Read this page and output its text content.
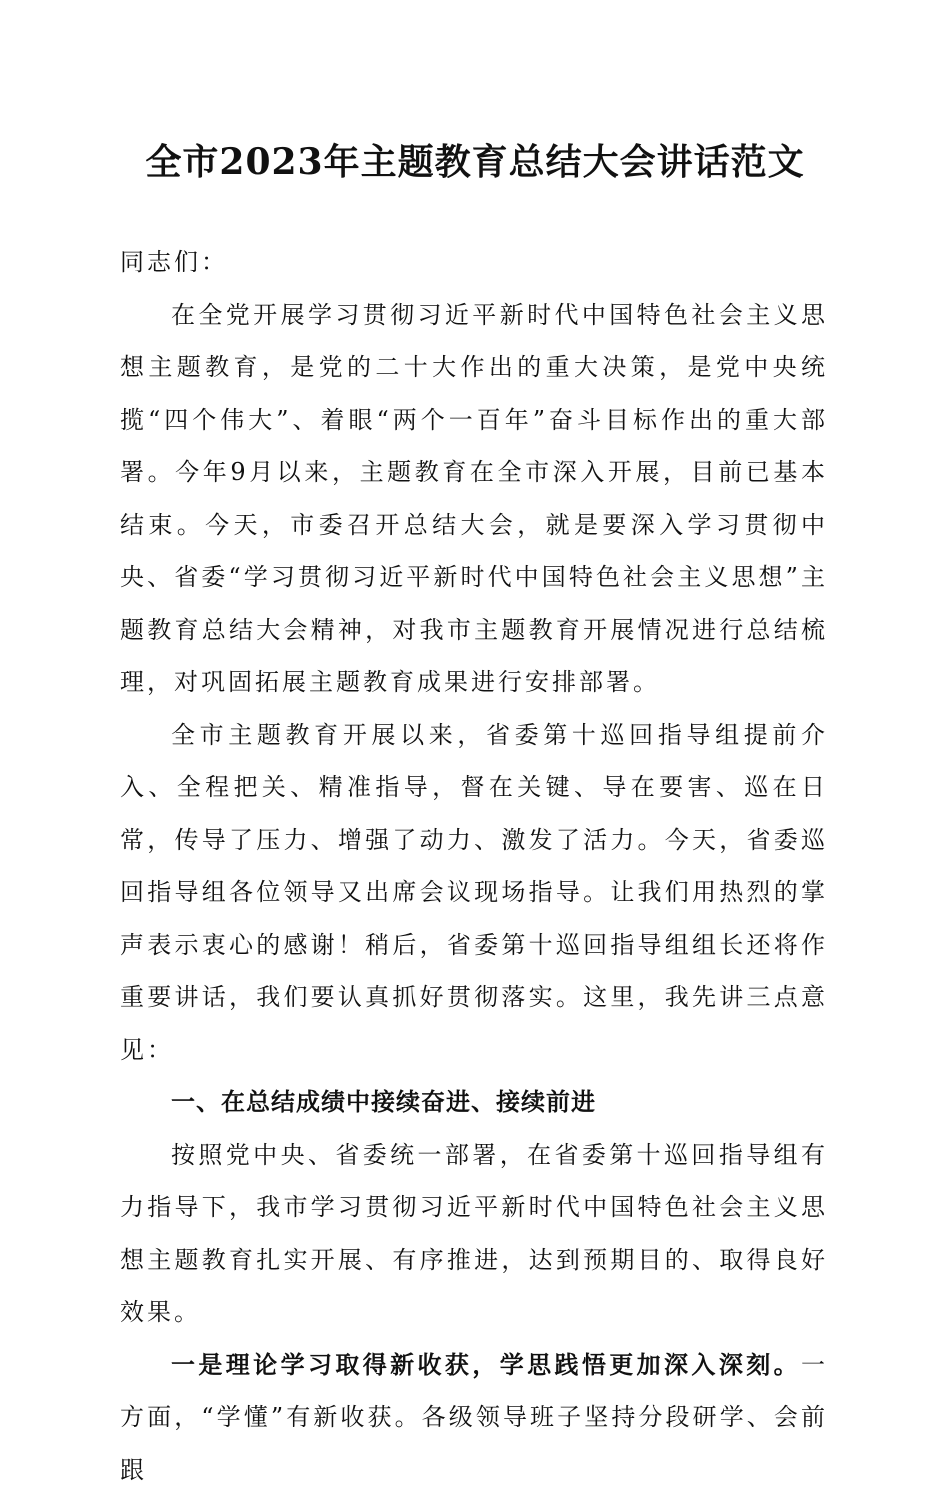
全市2023年主题教育总结大会讲话范文

同志们：

在全党开展学习贯彻习近平新时代中国特色社会主义思想主题教育，是党的二十大作出的重大决策，是党中央统揽“四个伟大”、着眼“两个一百年”奋斗目标作出的重大部署。今年9月以来，主题教育在全市深入开展，目前已基本结束。今天，市委召开总结大会，就是要深入学习贯彻中央、省委“学习贯彻习近平新时代中国特色社会主义思想”主题教育总结大会精神，对我市主题教育开展情况进行总结梳理，对巩固拓展主题教育成果进行安排部署。

全市主题教育开展以来，省委第十巡回指导组提前介入、全程把关、精准指导，督在关键、导在要害、巡在日常，传导了压力、增强了动力、激发了活力。今天，省委巡回指导组各位领导又出席会议现场指导。让我们用热烈的掌声表示衷心的感谢！稍后，省委第十巡回指导组组长还将作重要讲话，我们要认真抓好贯彻落实。这里，我先讲三点意见：

一、在总结成绩中接续奋进、接续前进

按照党中央、省委统一部署，在省委第十巡回指导组有力指导下，我市学习贯彻习近平新时代中国特色社会主义思想主题教育扎实开展、有序推进，达到预期目的、取得良好效果。

一是理论学习取得新收获，学思践悟更加深入深刻。一方面，“学懂”有新收获。各级领导班子坚持分段研学、会前跟
